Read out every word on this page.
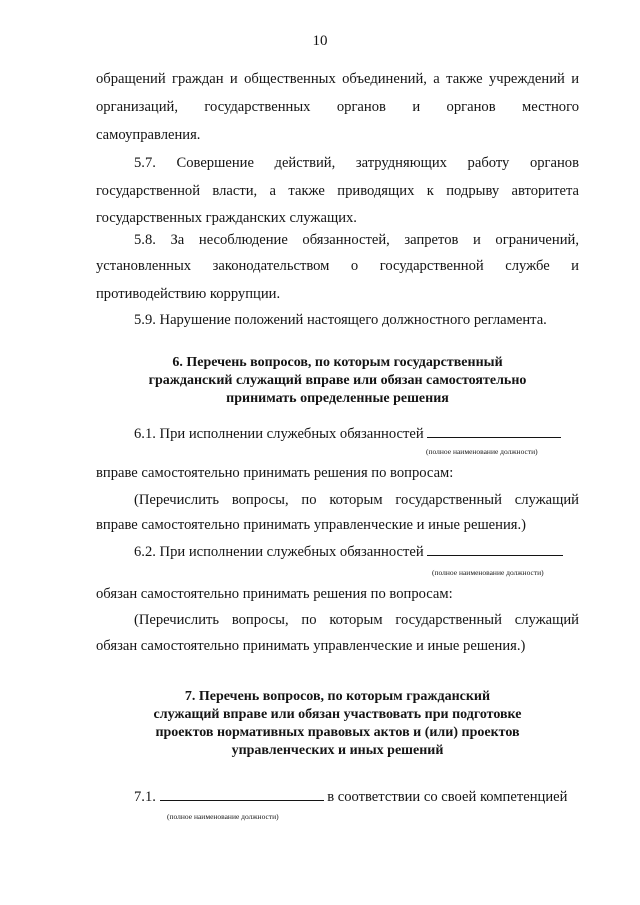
10
обращений граждан и общественных объединений, а также учреждений и
организаций, государственных органов и органов местного
самоуправления.
5.7. Совершение действий, затрудняющих работу органов
государственной власти, а также приводящих к подрыву авторитета
государственных гражданских служащих.
5.8. За несоблюдение обязанностей, запретов и ограничений,
установленных законодательством о государственной службе и
противодействию коррупции.
5.9. Нарушение положений настоящего должностного регламента.
6. Перечень вопросов, по которым государственный
гражданский служащий вправе или обязан самостоятельно
принимать определенные решения
6.1. При исполнении служебных обязанностей
(полное наименование должности)
вправе самостоятельно принимать решения по вопросам:
(Перечислить вопросы, по которым государственный служащий
вправе самостоятельно принимать управленческие и иные решения.)
6.2. При исполнении служебных обязанностей
(полное наименование должности)
обязан самостоятельно принимать решения по вопросам:
(Перечислить вопросы, по которым государственный служащий
обязан самостоятельно принимать управленческие и иные решения.)
7. Перечень вопросов, по которым гражданский
служащий вправе или обязан участвовать при подготовке
проектов нормативных правовых актов и (или) проектов
управленческих и иных решений
7.1.	в соответствии со своей компетенцией
(полное наименование должности)
